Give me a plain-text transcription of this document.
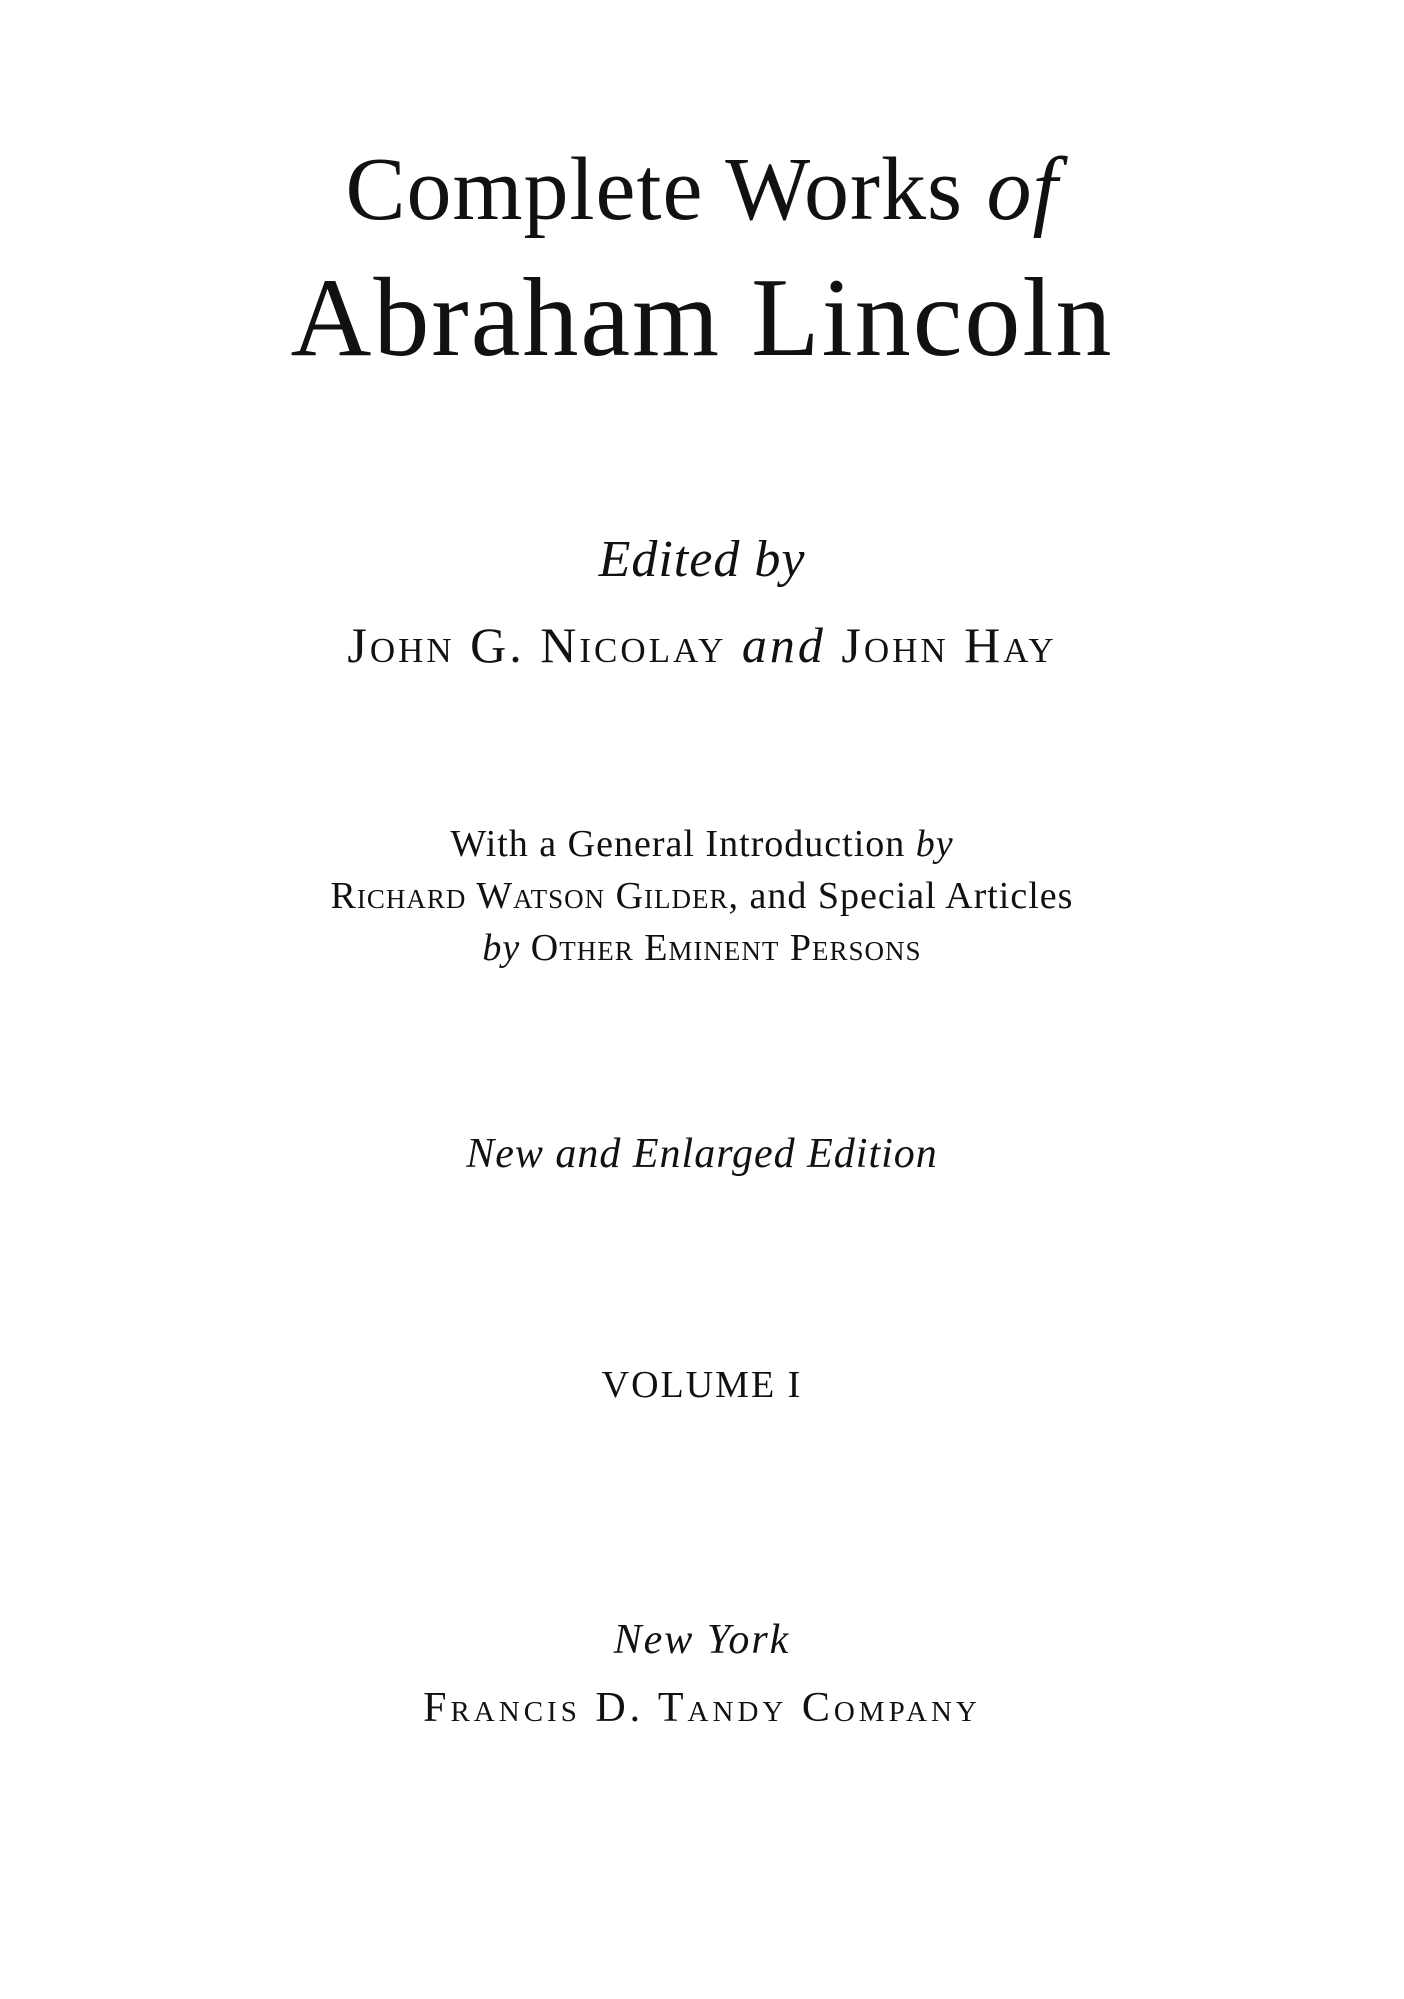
Complete Works of
Abraham Lincoln
Edited by
John G. Nicolay and John Hay
With a General Introduction by
Richard Watson Gilder, and Special Articles
by Other Eminent Persons
New and Enlarged Edition
VOLUME I
New York
Francis D. Tandy Company
